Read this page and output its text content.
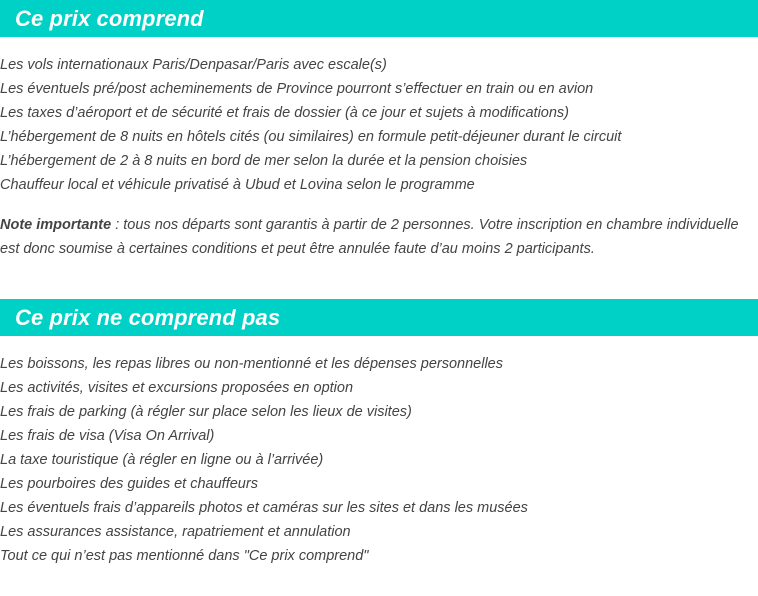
Ce prix comprend
Les vols internationaux Paris/Denpasar/Paris avec escale(s)
Les éventuels pré/post acheminements de Province pourront s’effectuer en train ou en avion
Les taxes d’aéroport et de sécurité et frais de dossier (à ce jour et sujets à modifications)
L’hébergement de 8 nuits en hôtels cités (ou similaires) en formule petit-déjeuner durant le circuit
L’hébergement de 2 à 8 nuits en bord de mer selon la durée et la pension choisies
Chauffeur local et véhicule privatisé à Ubud et Lovina selon le programme

Note importante : tous nos départs sont garantis à partir de 2 personnes. Votre inscription en chambre individuelle est donc soumise à certaines conditions et peut être annulée faute d’au moins 2 participants.

Ce prix ne comprend pas
Les boissons, les repas libres ou non-mentionné et les dépenses personnelles
Les activités, visites et excursions proposées en option
Les frais de parking (à régler sur place selon les lieux de visites)
Les frais de visa (Visa On Arrival)
La taxe touristique (à régler en ligne ou à l’arrivée)
Les pourboires des guides et chauffeurs
Les éventuels frais d’appareils photos et caméras sur les sites et dans les musées
Les assurances assistance, rapatriement et annulation
Tout ce qui n’est pas mentionné dans "Ce prix comprend"
